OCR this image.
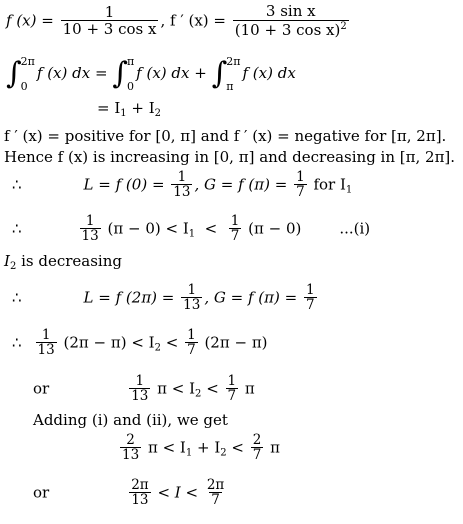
f $(x) = \frac{1}{\text{10 + 3 cos x}}$ , f ′ $(x) = \frac{\text{3 sin x}}{(10 + 3 \cos x)^2}$
∫ 2π
0
f (x) dx = ∫ π
0
f (x) dx + ∫ 2π
π
f (x) dx
= $I_1 + I_2$
f ′ (x) = positive for [0, π] and f ′ (x) = negative for [π, 2π].
Hence f (x) is increasing in [0, π] and decreasing in [π, 2π].
∴	L = f $(0) = \frac{1}{13}$ , G = f $(\pi) = \frac{1}{7}$ for $I_1$
∴	$\frac{1}{13} (\pi - 0) < I_1 < \frac{1}{7} (\pi - 0)$	...(i)
$I_2$ is decreasing
∴	L = f $(2\pi) = \frac{1}{13}$ , G = f $(\pi) = \frac{1}{7}$
∴ $\frac{1}{13} (2\pi - \pi) < I_2 < \frac{1}{7} (2\pi - \pi)$
or	$\frac{1}{13}$ $\pi < I_2 < \frac{1}{7}$ π
Adding (i) and (ii), we get
$\frac{2}{13}$ $\pi < I_1 + I_2 < \frac{2}{7}$ π
or	$\frac{2\pi}{13} < I < \frac{2\pi}{7}$
